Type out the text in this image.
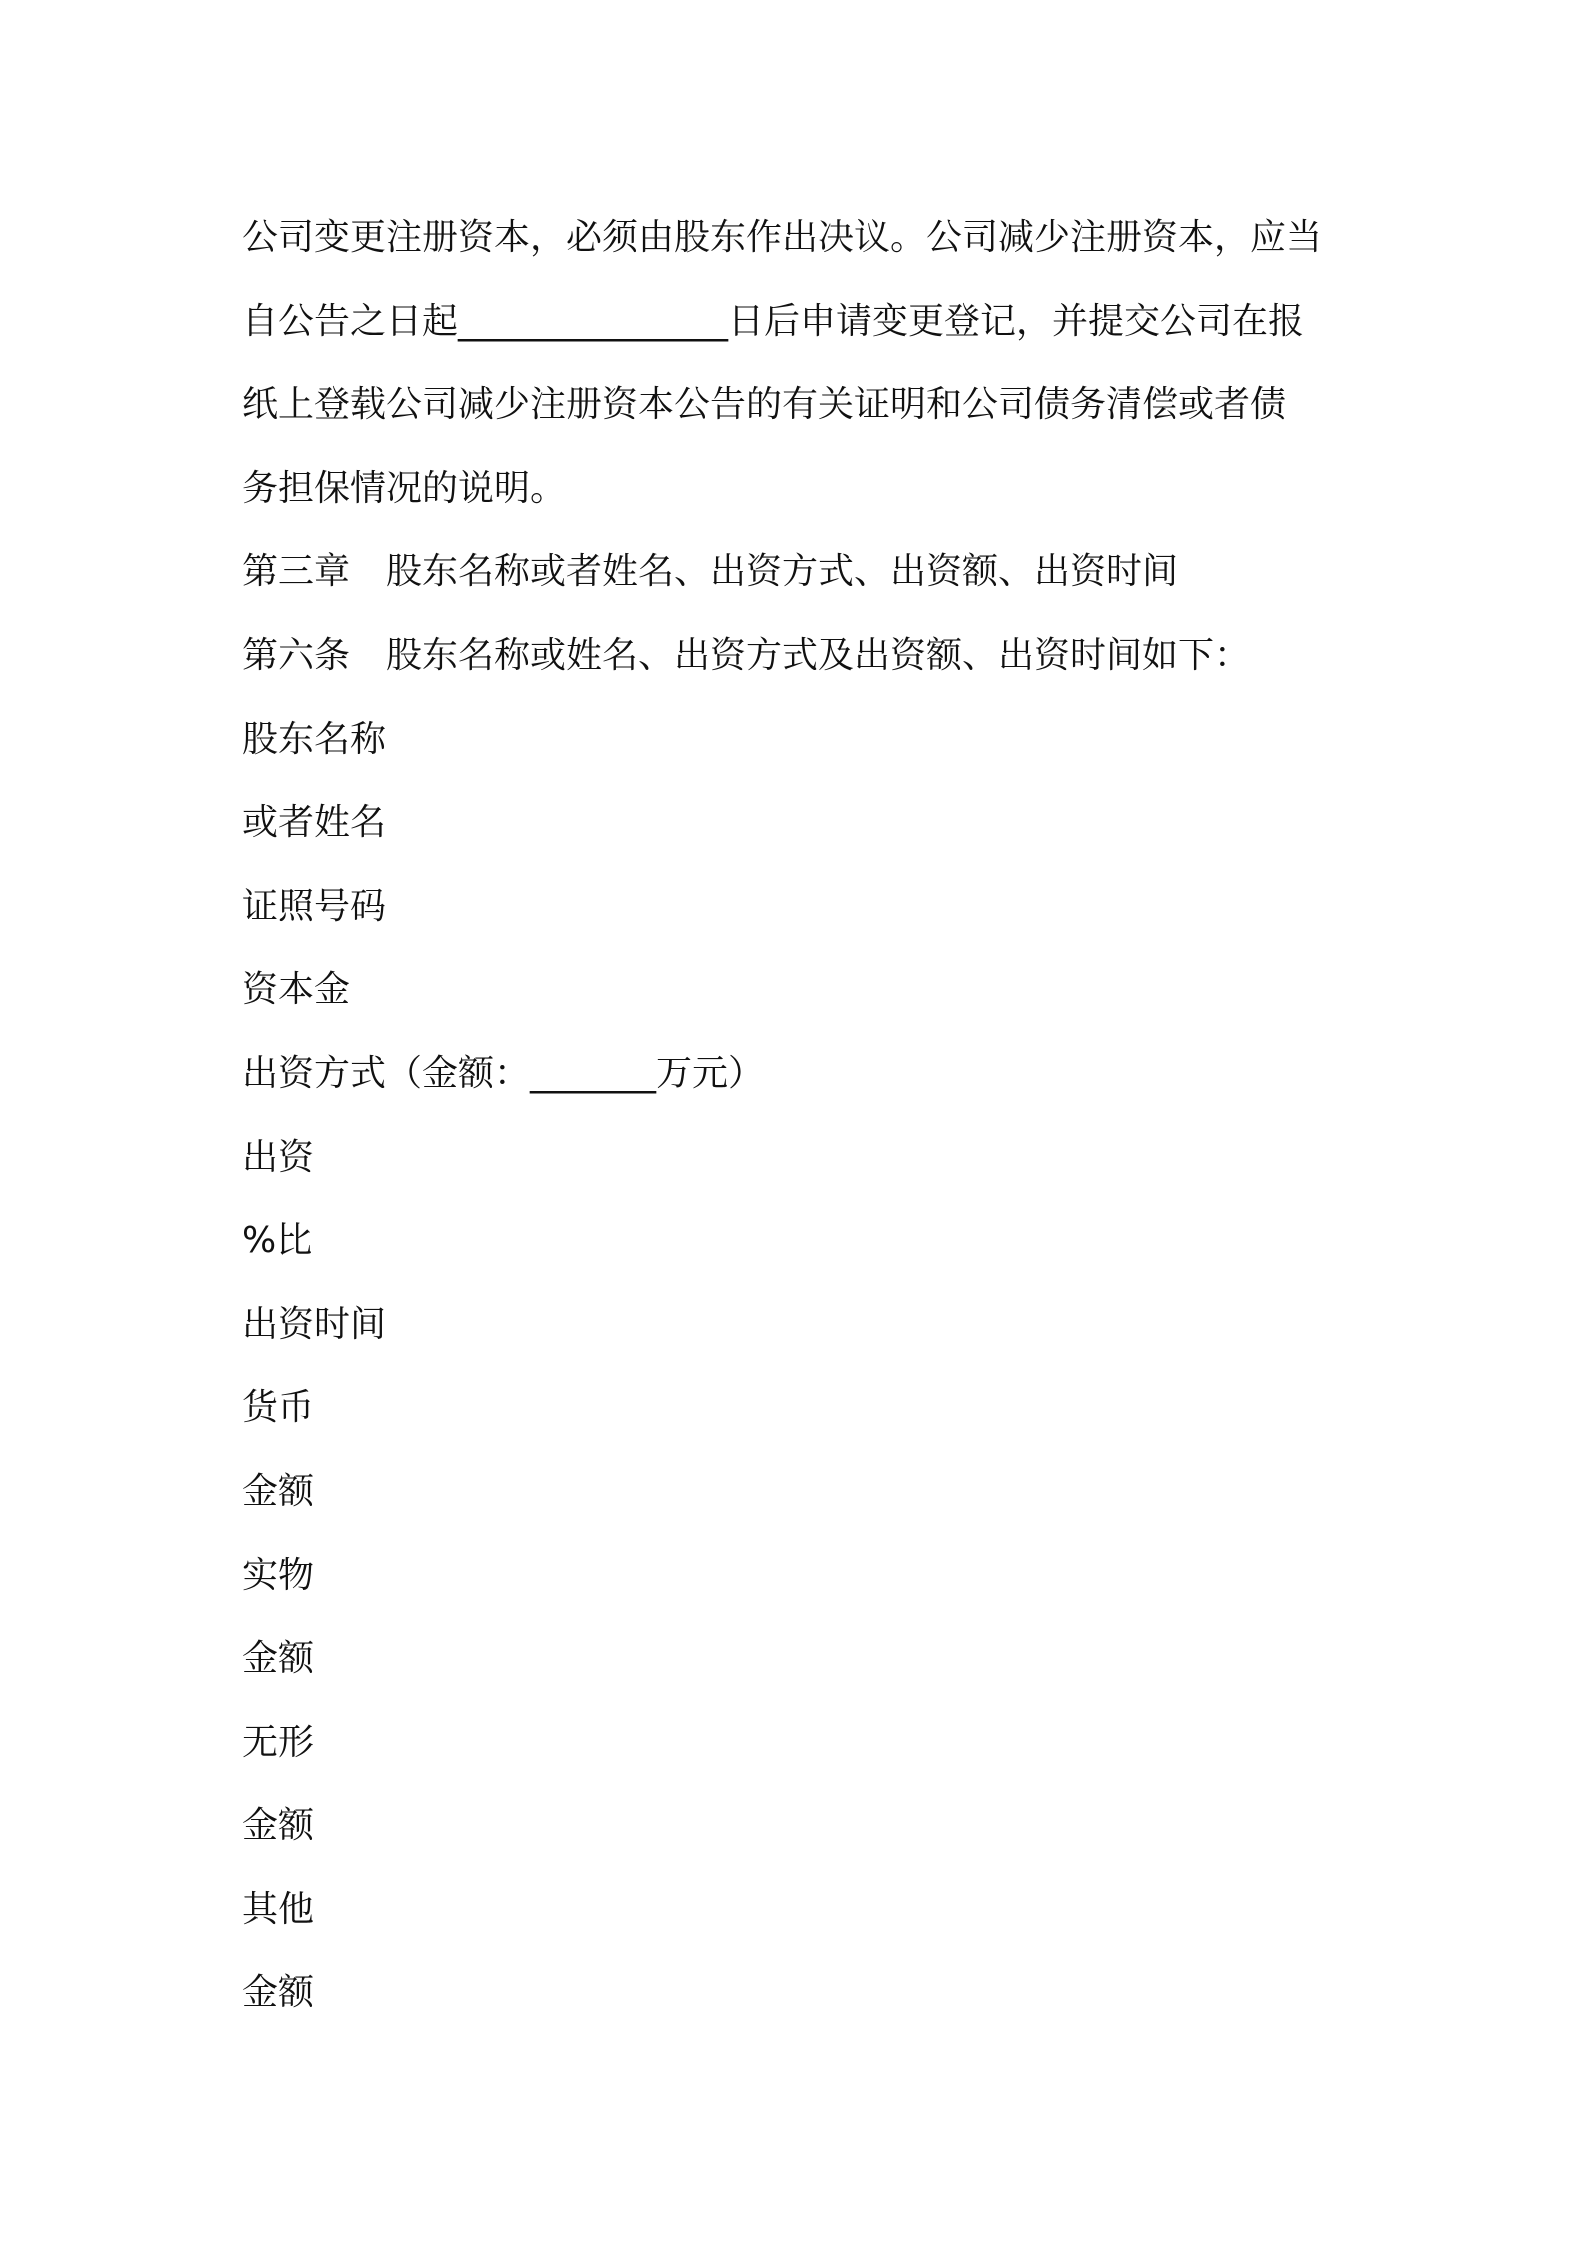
公司变更注册资本，必须由股东作出决议。公司减少注册资本，应当
自公告之日起_______________日后申请变更登记，并提交公司在报
纸上登载公司减少注册资本公告的有关证明和公司债务清偿或者债
务担保情况的说明。
第三章 股东名称或者姓名、出资方式、出资额、出资时间
第六条 股东名称或姓名、出资方式及出资额、出资时间如下：
股东名称
或者姓名
证照号码
资本金
出资方式（金额：_______万元）
出资
%比
出资时间
货币
金额
实物
金额
无形
金额
其他
金额
